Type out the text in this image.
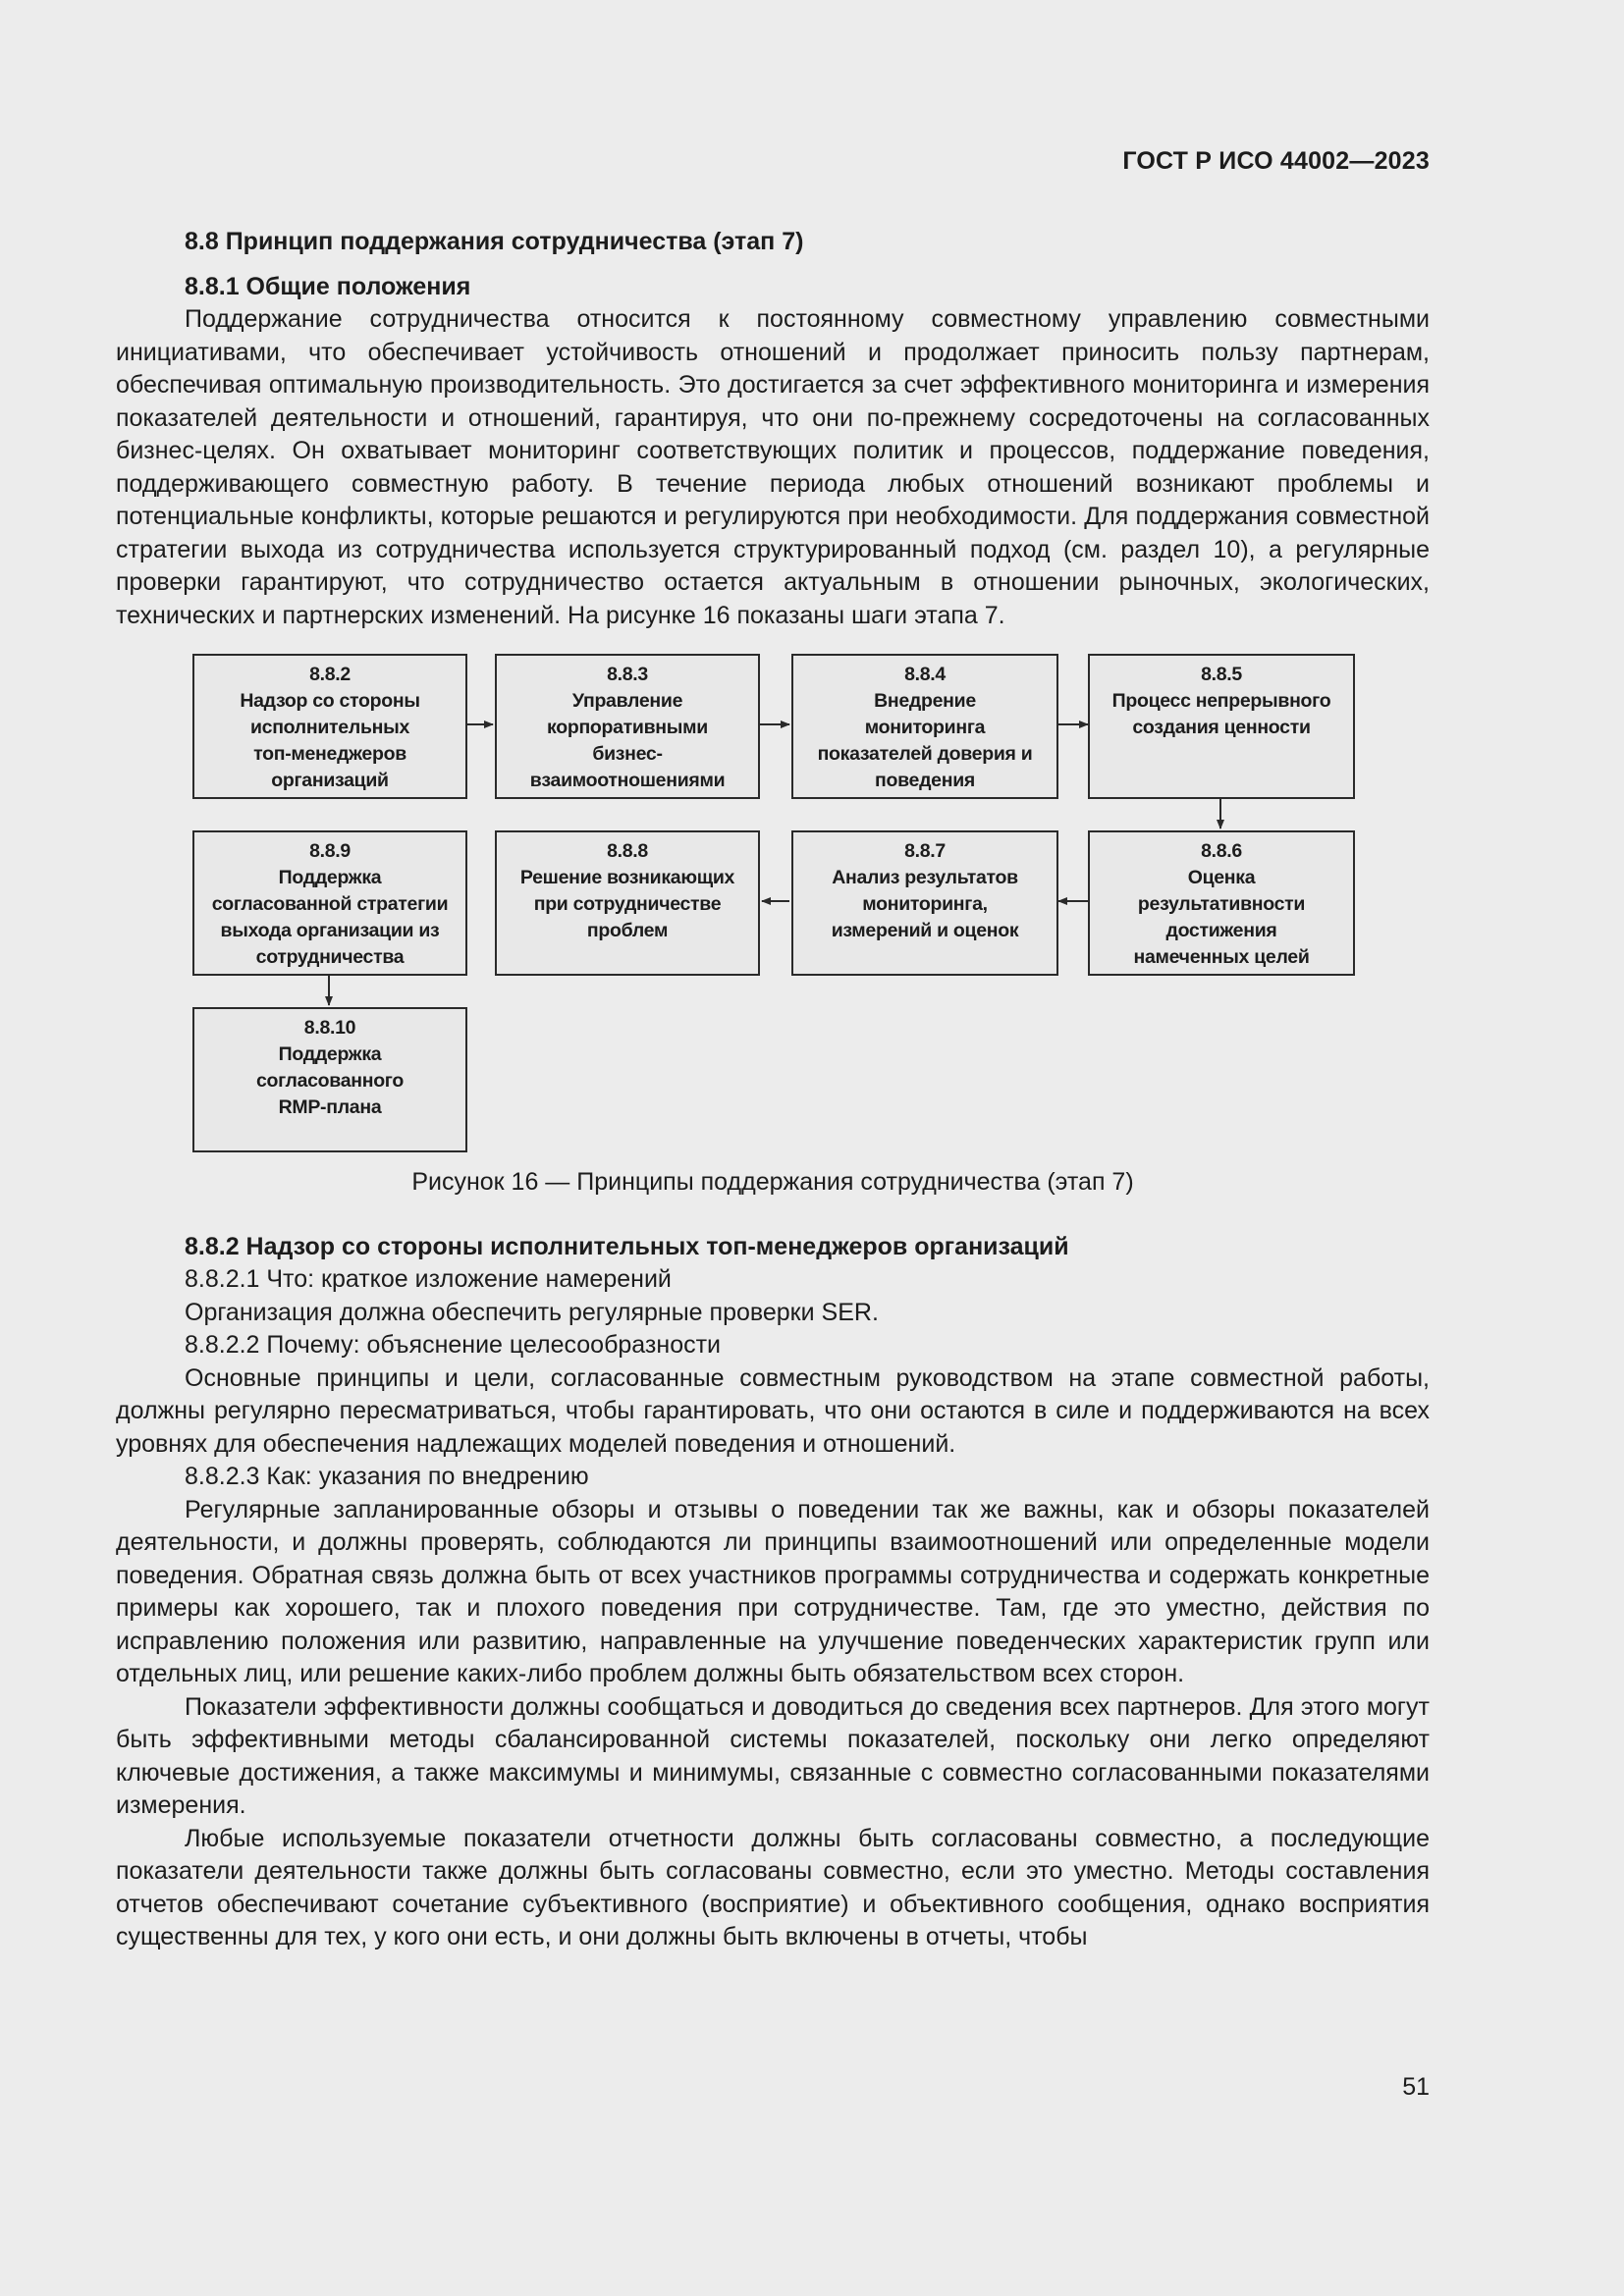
ГОСТ Р ИСО 44002—2023
8.8 Принцип поддержания сотрудничества (этап 7)
8.8.1 Общие положения

Поддержание сотрудничества относится к постоянному совместному управлению совместными инициативами, что обеспечивает устойчивость отношений и продолжает приносить пользу партнерам, обеспечивая оптимальную производительность. Это достигается за счет эффективного мониторинга и измерения показателей деятельности и отношений, гарантируя, что они по-прежнему сосредоточены на согласованных бизнес-целях. Он охватывает мониторинг соответствующих политик и процессов, поддержание поведения, поддерживающего совместную работу. В течение периода любых отношений возникают проблемы и потенциальные конфликты, которые решаются и регулируются при необходимости. Для поддержания совместной стратегии выхода из сотрудничества используется структурированный подход (см. раздел 10), а регулярные проверки гарантируют, что сотрудничество остается актуальным в отношении рыночных, экологических, технических и партнерских изменений. На рисунке 16 показаны шаги этапа 7.

8.8.2
Надзор со стороны
исполнительных
топ-менеджеров
организаций
8.8.3
Управление
корпоративными
бизнес-
взаимоотношениями
8.8.4
Внедрение
мониторинга
показателей доверия и
поведения
8.8.5
Процесс непрерывного
создания ценности
8.8.9
Поддержка
согласованной стратегии
выхода организации из
сотрудничества
8.8.8
Решение возникающих
при сотрудничестве
проблем
8.8.7
Анализ результатов
мониторинга,
измерений и оценок
8.8.6
Оценка
результативности
достижения
намеченных целей
8.8.10
Поддержка
согласованного
RMP-плана
Рисунок 16 — Принципы поддержания сотрудничества (этап 7)
8.8.2 Надзор со стороны исполнительных топ-менеджеров организаций
8.8.2.1 Что: краткое изложение намерений
Организация должна обеспечить регулярные проверки SER.
8.8.2.2 Почему: объяснение целесообразности

Основные принципы и цели, согласованные совместным руководством на этапе совместной работы, должны регулярно пересматриваться, чтобы гарантировать, что они остаются в силе и поддерживаются на всех уровнях для обеспечения надлежащих моделей поведения и отношений.

8.8.2.3 Как: указания по внедрению

Регулярные запланированные обзоры и отзывы о поведении так же важны, как и обзоры показателей деятельности, и должны проверять, соблюдаются ли принципы взаимоотношений или определенные модели поведения. Обратная связь должна быть от всех участников программы сотрудничества и содержать конкретные примеры как хорошего, так и плохого поведения при сотрудничестве. Там, где это уместно, действия по исправлению положения или развитию, направленные на улучшение поведенческих характеристик групп или отдельных лиц, или решение каких-либо проблем должны быть обязательством всех сторон.

Показатели эффективности должны сообщаться и доводиться до сведения всех партнеров. Для этого могут быть эффективными методы сбалансированной системы показателей, поскольку они легко определяют ключевые достижения, а также максимумы и минимумы, связанные с совместно согласованными показателями измерения.

Любые используемые показатели отчетности должны быть согласованы совместно, а последующие показатели деятельности также должны быть согласованы совместно, если это уместно. Методы составления отчетов обеспечивают сочетание субъективного (восприятие) и объективного сообщения, однако восприятия существенны для тех, у кого они есть, и они должны быть включены в отчеты, чтобы

51
